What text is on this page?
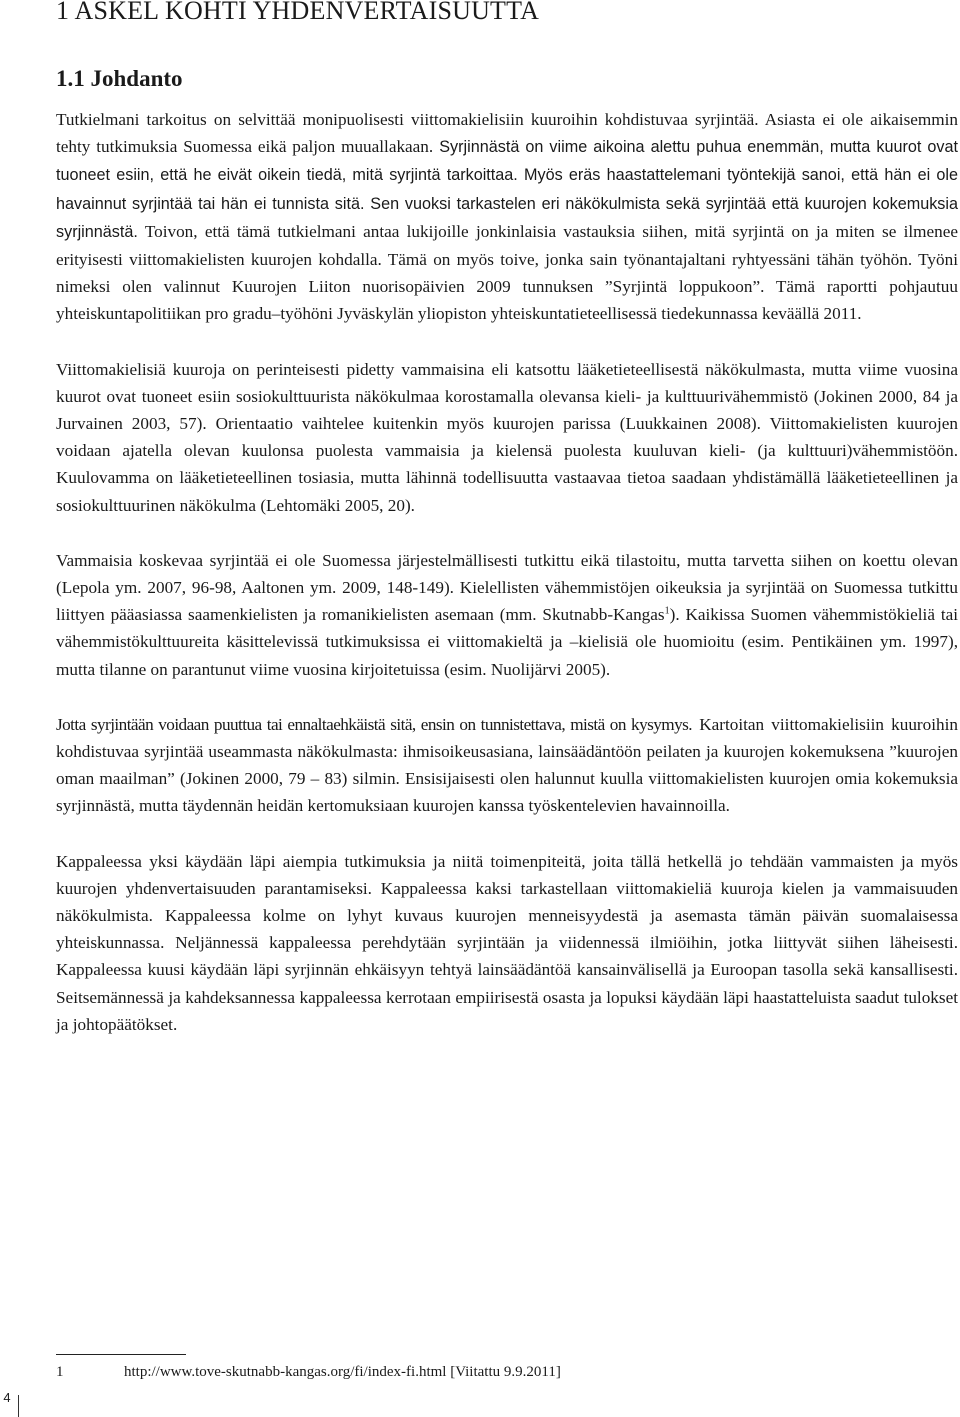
1 ASKEL KOHTI YHDENVERTAISUUTTA
1.1 Johdanto

Tutkielmani tarkoitus on selvittää monipuolisesti viittomakielisiin kuuroihin kohdistuvaa syrjintää. Asiasta ei ole aikaisemmin tehty tutkimuksia Suomessa eikä paljon muuallakaan. Syrjinnästä on viime aikoina alettu puhua enemmän, mutta kuurot ovat tuoneet esiin, että he eivät oikein tiedä, mitä syrjintä tarkoittaa. Myös eräs haastattelemani työntekijä sanoi, että hän ei ole havainnut syrjintää tai hän ei tunnista sitä. Sen vuoksi tarkastelen eri näkökulmista sekä syrjintää että kuurojen kokemuksia syrjinnästä. Toivon, että tämä tutkielmani antaa lukijoille jonkinlaisia vastauksia siihen, mitä syrjintä on ja miten se ilmenee erityisesti viittomakielisten kuurojen kohdalla. Tämä on myös toive, jonka sain työnantajaltani ryhtyessäni tähän työhön. Työni nimeksi olen valinnut Kuurojen Liiton nuorisopäivien 2009 tunnuksen ”Syrjintä loppukoon”. Tämä raportti pohjautuu yhteiskuntapolitiikan pro gradu–työhöni Jyväskylän yliopiston yhteiskuntatieteellisessä tiedekunnassa keväällä 2011.

Viittomakielisiä kuuroja on perinteisesti pidetty vammaisina eli katsottu lääketieteellisestä näkökulmasta, mutta viime vuosina kuurot ovat tuoneet esiin sosiokulttuurista näkökulmaa korostamalla olevansa kieli- ja kulttuurivähemmistö (Jokinen 2000, 84 ja Jurvainen 2003, 57). Orientaatio vaihtelee kuitenkin myös kuurojen parissa (Luukkainen 2008). Viittomakielisten kuurojen voidaan ajatella olevan kuulonsa puolesta vammaisia ja kielensä puolesta kuuluvan kieli- (ja kulttuuri)vähemmistöön. Kuulovamma on lääketieteellinen tosiasia, mutta lähinnä todellisuutta vastaavaa tietoa saadaan yhdistämällä lääketieteellinen ja sosiokulttuurinen näkökulma (Lehtomäki 2005, 20).

Vammaisia koskevaa syrjintää ei ole Suomessa järjestelmällisesti tutkittu eikä tilastoitu, mutta tarvetta siihen on koettu olevan (Lepola ym. 2007, 96-98, Aaltonen ym. 2009, 148-149). Kielellisten vähemmistöjen oikeuksia ja syrjintää on Suomessa tutkittu liittyen pääasiassa saamenkielisten ja romanikielisten asemaan (mm. Skutnabb-Kangas$^1$). Kaikissa Suomen vähemmistökieliä tai vähemmistökulttuureita käsittelevissä tutkimuksissa ei viittomakieltä ja –kielisiä ole huomioitu (esim. Pentikäinen ym. 1997), mutta tilanne on parantunut viime vuosina kirjoitetuissa (esim. Nuolijärvi 2005).

Jotta syrjintään voidaan puuttua tai ennaltaehkäistä sitä, ensin on tunnistettava, mistä on kysymys. Kartoitan viittomakielisiin kuuroihin kohdistuvaa syrjintää useammasta näkökulmasta: ihmisoikeusasiana, lainsäädäntöön peilaten ja kuurojen kokemuksena ”kuurojen oman maailman” (Jokinen 2000, 79 – 83) silmin. Ensisijaisesti olen halunnut kuulla viittomakielisten kuurojen omia kokemuksia syrjinnästä, mutta täydennän heidän kertomuksiaan kuurojen kanssa työskentelevien havainnoilla.

Kappaleessa yksi käydään läpi aiempia tutkimuksia ja niitä toimenpiteitä, joita tällä hetkellä jo tehdään vammaisten ja myös kuurojen yhdenvertaisuuden parantamiseksi. Kappaleessa kaksi tarkastellaan viittomakieliä kuuroja kielen ja vammaisuuden näkökulmista. Kappaleessa kolme on lyhyt kuvaus kuurojen menneisyydestä ja asemasta tämän päivän suomalaisessa yhteiskunnassa. Neljännessä kappaleessa perehdytään syrjintään ja viidennessä ilmiöihin, jotka liittyvät siihen läheisesti. Kappaleessa kuusi käydään läpi syrjinnän ehkäisyyn tehtyä lainsäädäntöä kansainvälisellä ja Euroopan tasolla sekä kansallisesti. Seitsemännessä ja kahdeksannessa kappaleessa kerrotaan empiirisestä osasta ja lopuksi käydään läpi haastatteluista saadut tulokset ja johtopäätökset.

1	http://www.tove-skutnabb-kangas.org/fi/index-fi.html [Viitattu 9.9.2011]
4
